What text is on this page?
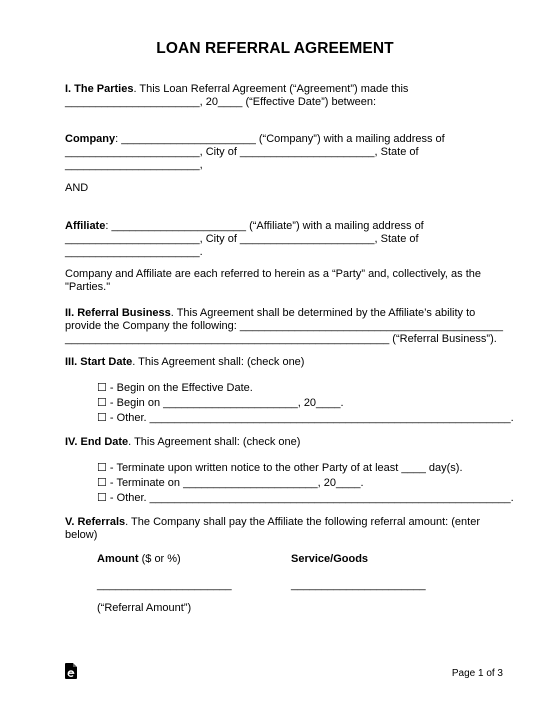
LOAN REFERRAL AGREEMENT
I. The Parties. This Loan Referral Agreement (“Agreement”) made this
______________________, 20____ (“Effective Date”) between:
Company: ______________________ (“Company”) with a mailing address of
______________________, City of ______________________, State of
______________________,
AND
Affiliate: ______________________ (“Affiliate”) with a mailing address of
______________________, City of ______________________, State of
______________________.
Company and Affiliate are each referred to herein as a “Party” and, collectively, as the
"Parties."
II. Referral Business. This Agreement shall be determined by the Affiliate’s ability to
provide the Company the following: ___________________________________________
_____________________________________________________ (“Referral Business”).
III. Start Date. This Agreement shall: (check one)
☐ - Begin on the Effective Date.
☐ - Begin on ______________________, 20____.
☐ - Other. ___________________________________________________________.
IV. End Date. This Agreement shall: (check one)
☐ - Terminate upon written notice to the other Party of at least ____ day(s).
☐ - Terminate on ______________________, 20____.
☐ - Other. ___________________________________________________________.
V. Referrals. The Company shall pay the Affiliate the following referral amount: (enter
below)
Amount ($ or %)	Service/Goods
______________________	______________________
(“Referral Amount”)
Page 1 of 3
